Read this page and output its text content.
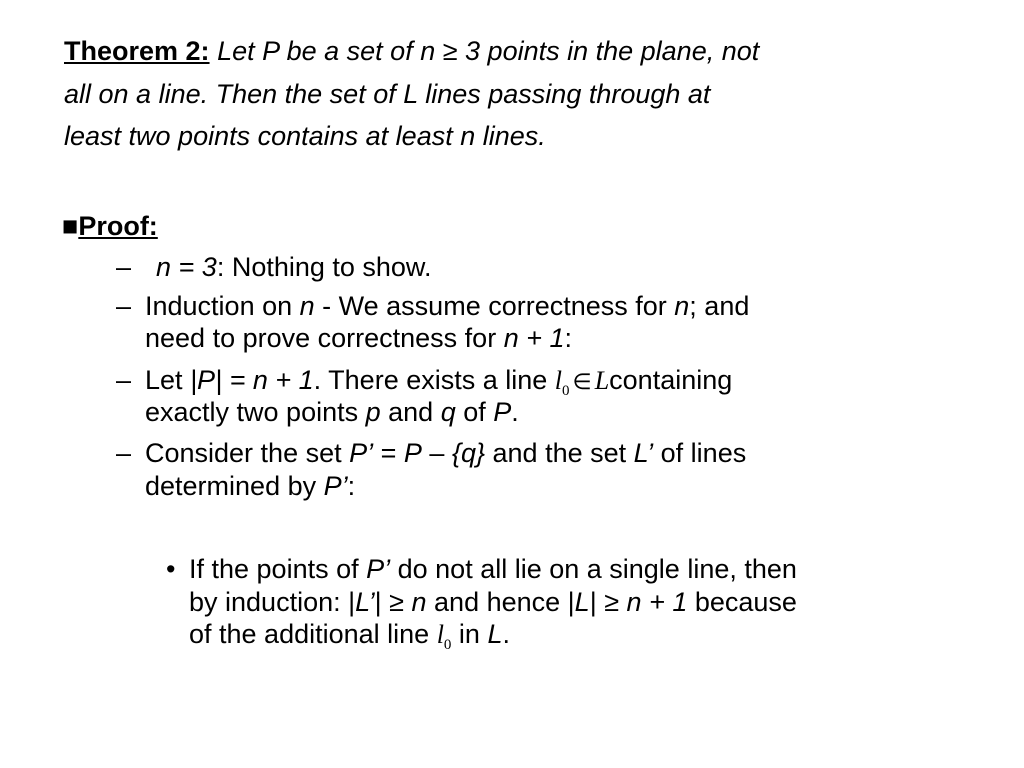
Theorem 2: Let P be a set of n ≥ 3 points in the plane, not
all on a line. Then the set of L lines passing through at
least two points contains at least n lines.
■Proof:
– n = 3: Nothing to show.
– Induction on n - We assume correctness for n; and
need to prove correctness for n + 1:
– Let |P| = n + 1. There exists a line $l_0$ ∈ Lcontaining
exactly two points p and q of P.
– Consider the set P’ = P – {q} and the set L’ of lines
determined by P’:
• If the points of P’ do not all lie on a single line, then
by induction: |L’| ≥ n and hence |L| ≥ n + 1 because
of the additional line $l_0$ in L.
